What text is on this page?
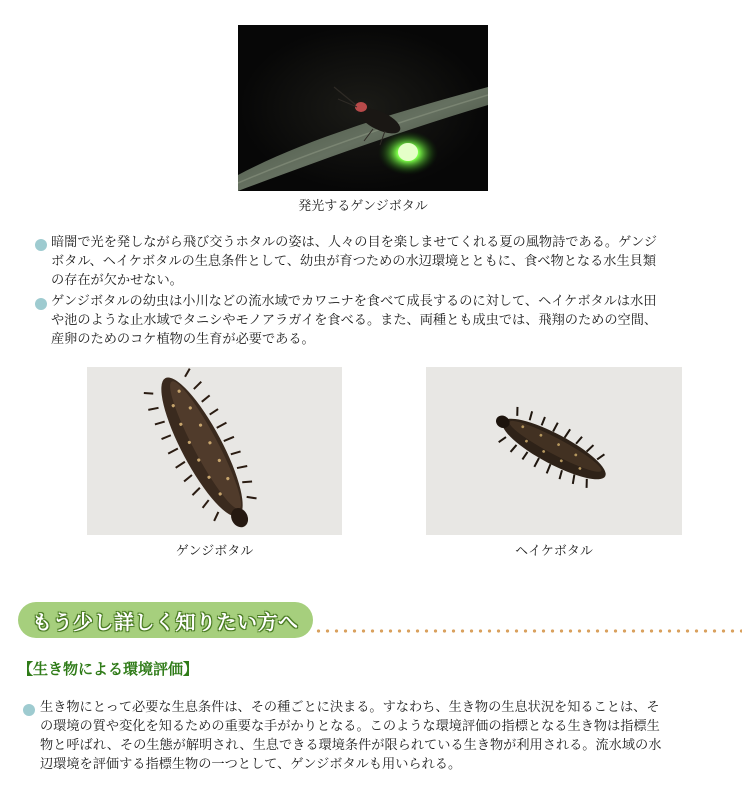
発光するゲンジボタル
暗闇で光を発しながら飛び交うホタルの姿は、人々の目を楽しませてくれる夏の風物詩である。ゲンジ
ボタル、ヘイケボタルの生息条件として、幼虫が育つための水辺環境とともに、食べ物となる水生貝類
の存在が欠かせない。
ゲンジボタルの幼虫は小川などの流水域でカワニナを食べて成長するのに対して、ヘイケボタルは水田
や池のような止水域でタニシやモノアラガイを食べる。また、両種とも成虫では、飛翔のための空間、
産卵のためのコケ植物の生育が必要である。
ゲンジボタル	ヘイケボタル
もう少し詳しく知りたい方へ
【生き物による環境評価】
生き物にとって必要な生息条件は、その種ごとに決まる。すなわち、生き物の生息状況を知ることは、そ
の環境の質や変化を知るための重要な手がかりとなる。このような環境評価の指標となる生き物は指標生
物と呼ばれ、その生態が解明され、生息できる環境条件が限られている生き物が利用される。流水域の水
辺環境を評価する指標生物の一つとして、ゲンジボタルも用いられる。
